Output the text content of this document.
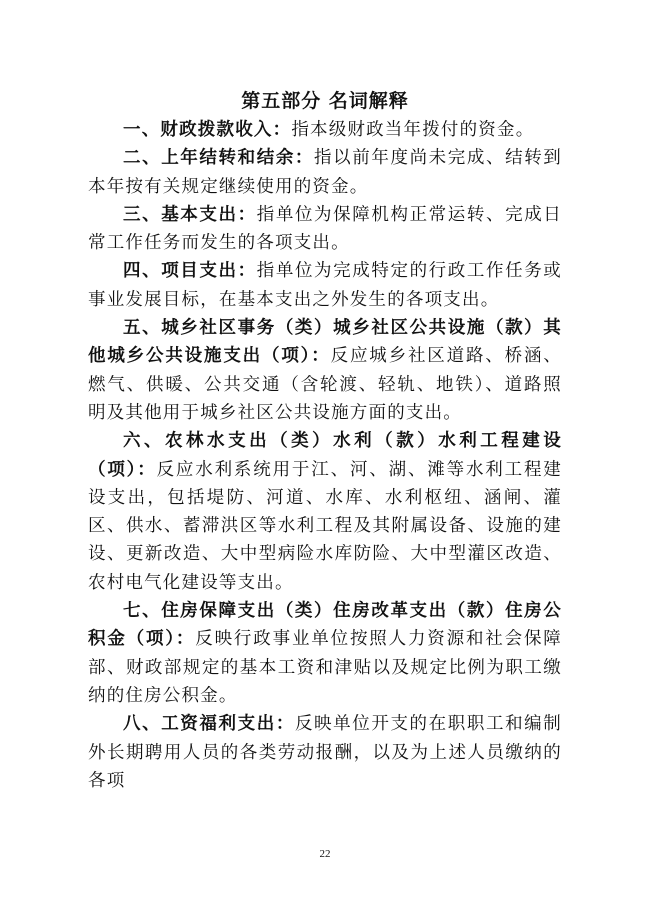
第五部分 名词解释

一、财政拨款收入：指本级财政当年拨付的资金。

二、上年结转和结余：指以前年度尚未完成、结转到本年按有关规定继续使用的资金。

三、基本支出：指单位为保障机构正常运转、完成日常工作任务而发生的各项支出。

四、项目支出：指单位为完成特定的行政工作任务或事业发展目标，在基本支出之外发生的各项支出。

五、城乡社区事务（类）城乡社区公共设施（款）其他城乡公共设施支出（项）：反应城乡社区道路、桥涵、燃气、供暖、公共交通（含轮渡、轻轨、地铁）、道路照明及其他用于城乡社区公共设施方面的支出。

六、农林水支出（类）水利（款）水利工程建设（项）：反应水利系统用于江、河、湖、滩等水利工程建设支出，包括堤防、河道、水库、水利枢纽、涵闸、灌区、供水、蓄滞洪区等水利工程及其附属设备、设施的建设、更新改造、大中型病险水库防险、大中型灌区改造、农村电气化建设等支出。

七、住房保障支出（类）住房改革支出（款）住房公积金（项）：反映行政事业单位按照人力资源和社会保障部、财政部规定的基本工资和津贴以及规定比例为职工缴纳的住房公积金。

八、工资福利支出：反映单位开支的在职职工和编制外长期聘用人员的各类劳动报酬，以及为上述人员缴纳的各项

22
